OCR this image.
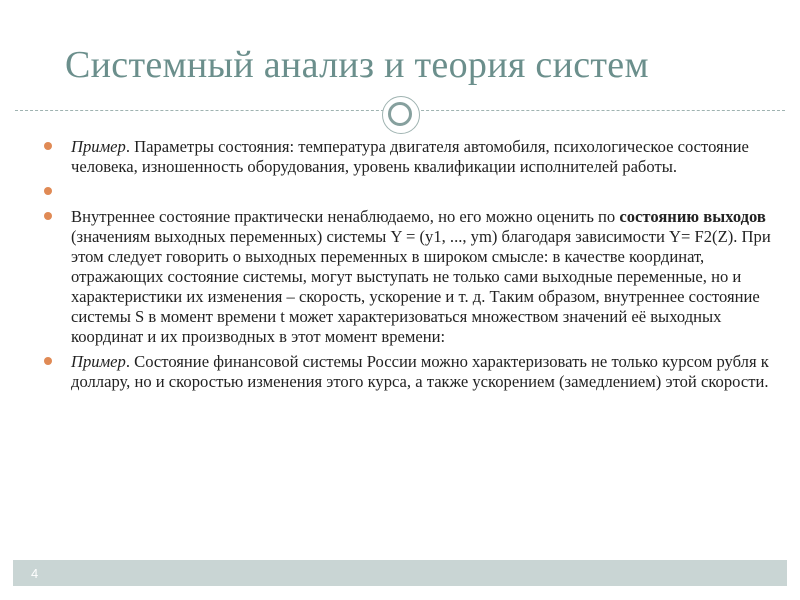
Системный анализ и теория систем
Пример. Параметры состояния: температура двигателя автомобиля, психологическое состояние человека, изношенность оборудования, уровень квалификации исполнителей работы.
Внутреннее состояние практически ненаблюдаемо, но его можно оценить по состоянию выходов (значениям выходных переменных) системы Y = (y1, ..., ym) благодаря зависимости Y= F2(Z). При этом следует говорить о выходных переменных в широком смысле: в качестве координат, отражающих состояние системы, могут выступать не только сами выходные переменные, но и характеристики их изменения – скорость, ускорение и т. д. Таким образом, внутреннее состояние системы S в момент времени t может характеризоваться множеством значений её выходных координат и их производных в этот момент времени:
Пример. Состояние финансовой системы России можно характеризовать не только курсом рубля к доллару, но и скоростью изменения этого курса, а также ускорением (замедлением) этой скорости.
4
